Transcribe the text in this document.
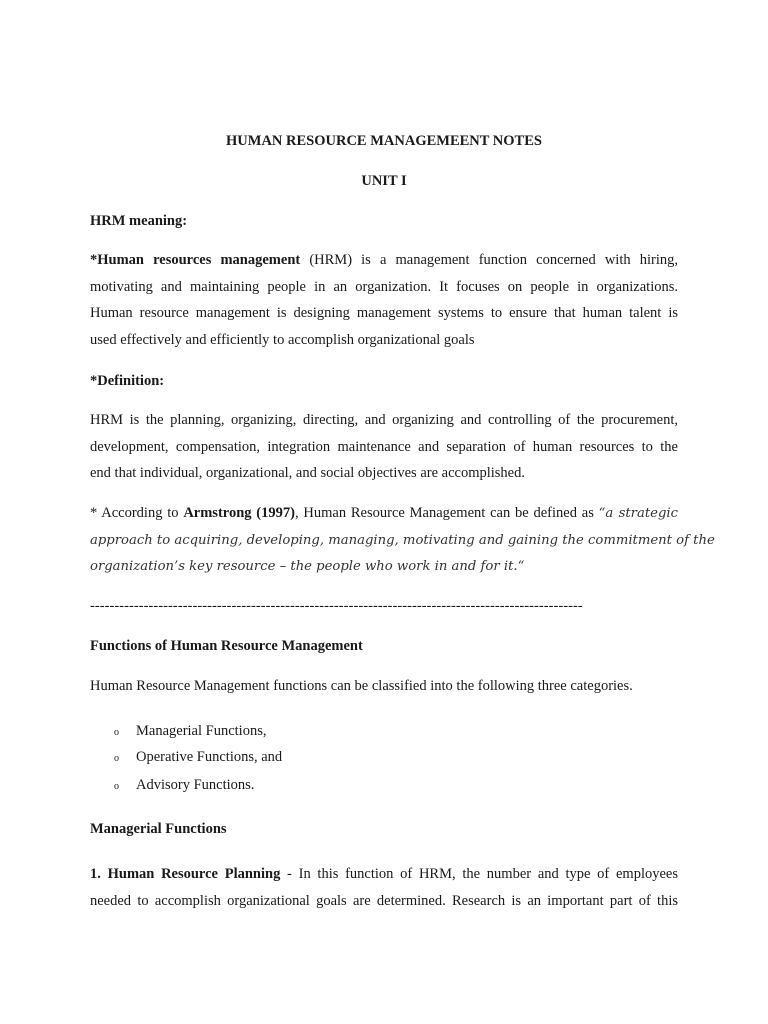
HUMAN RESOURCE MANAGEMEENT NOTES
UNIT I
HRM meaning:
*Human resources management (HRM) is a management function concerned with hiring,
motivating and maintaining people in an organization. It focuses on people in organizations.
Human resource management is designing management systems to ensure that human talent is
used effectively and efficiently to accomplish organizational goals
*Definition:
HRM is the planning, organizing, directing, and organizing and controlling of the procurement,
development, compensation, integration maintenance and separation of human resources to the
end that individual, organizational, and social objectives are accomplished.
* According to Armstrong (1997), Human Resource Management can be defined as “a strategic
approach to acquiring, developing, managing, motivating and gaining the commitment of the
organization’s key resource – the people who work in and for it.“
-----------------------------------------------------------------------------------------------------
Functions of Human Resource Management
Human Resource Management functions can be classified into the following three categories.
o Managerial Functions,
o Operative Functions, and
o Advisory Functions.
Managerial Functions
1. Human Resource Planning - In this function of HRM, the number and type of employees
needed to accomplish organizational goals are determined. Research is an important part of this
